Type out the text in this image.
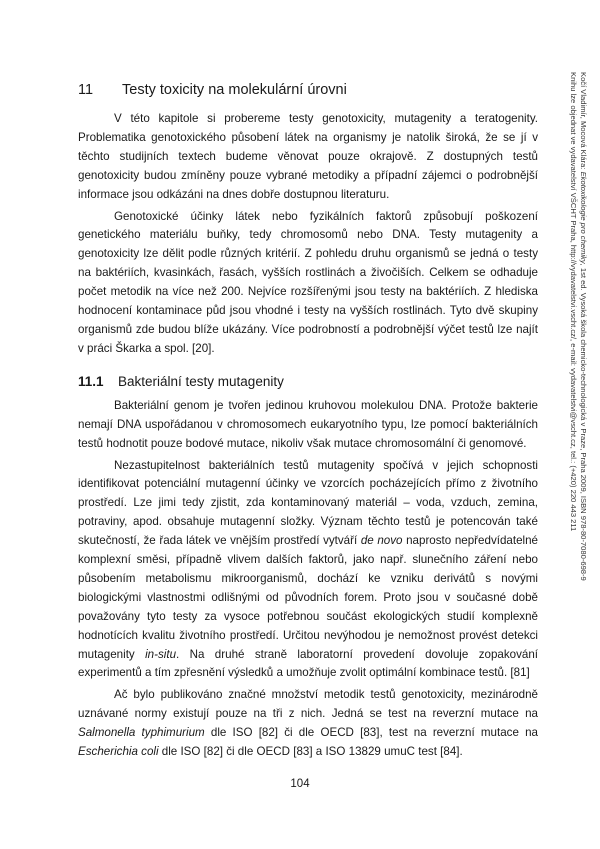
11	Testy toxicity na molekulární úrovni

V této kapitole si probereme testy genotoxicity, mutagenity a teratogenity. Problematika genotoxického působení látek na organismy je natolik široká, že se jí v těchto studijních textech budeme věnovat pouze okrajově. Z dostupných testů genotoxicity budou zmíněny pouze vybrané metodiky a případní zájemci o podrobnější informace jsou odkázáni na dnes dobře dostupnou literaturu.

Genotoxické účinky látek nebo fyzikálních faktorů způsobují poškození genetického materiálu buňky, tedy chromosomů nebo DNA. Testy mutagenity a genotoxicity lze dělit podle různých kritérií. Z pohledu druhu organismů se jedná o testy na baktériích, kvasinkách, řasách, vyšších rostlinách a živočiších. Celkem se odhaduje počet metodik na více než 200. Nejvíce rozšířenými jsou testy na baktériích. Z hlediska hodnocení kontaminace půd jsou vhodné i testy na vyšších rostlinách. Tyto dvě skupiny organismů zde budou blíže ukázány. Více podrobností a podrobnější výčet testů lze najít v práci Škarka a spol. [20].

11.1	Bakteriální testy mutagenity

Bakteriální genom je tvořen jedinou kruhovou molekulou DNA. Protože bakterie nemají DNA uspořádanou v chromosomech eukaryotního typu, lze pomocí bakteriálních testů hodnotit pouze bodové mutace, nikoliv však mutace chromosomální či genomové.

Nezastupitelnost bakteriálních testů mutagenity spočívá v jejich schopnosti identifikovat potenciální mutagenní účinky ve vzorcích pocházejících přímo z životního prostředí. Lze jimi tedy zjistit, zda kontaminovaný materiál – voda, vzduch, zemina, potraviny, apod. obsahuje mutagenní složky. Význam těchto testů je potencován také skutečností, že řada látek ve vnějším prostředí vytváří de novo naprosto nepředvídatelné komplexní směsi, případně vlivem dalších faktorů, jako např. slunečního záření nebo působením metabolismu mikroorganismů, dochází ke vzniku derivátů s novými biologickými vlastnostmi odlišnými od původních forem. Proto jsou v současné době považovány tyto testy za vysoce potřebnou součást ekologických studií komplexně hodnotících kvalitu životního prostředí. Určitou nevýhodou je nemožnost provést detekci mutagenity in-situ. Na druhé straně laboratorní provedení dovoluje zopakování experimentů a tím zpřesnění výsledků a umožňuje zvolit optimální kombinace testů. [81]

Ač bylo publikováno značné množství metodik testů genotoxicity, mezinárodně uznávané normy existují pouze na tři z nich. Jedná se test na reverzní mutace na Salmonella typhimurium dle ISO [82] či dle OECD [83], test na reverzní mutace na Escherichia coli dle ISO [82] či dle OECD [83] a ISO 13829 umuC test [84].

Kočí Vladimír, Mocová Klára: Ekotoxikologie pro chemiky, 1st ed. Vysoká škola chemicko-technologická v Praze, Praha 2009, ISBN 978-80-7080-698-9
Knihu lze objednat ve vydavatelství VŠCHT Praha, http://vydavatelstvi.vscht.cz/, e-mail: vydavatelstvi@vscht.cz, tel.: (+420) 220 443 211
104
